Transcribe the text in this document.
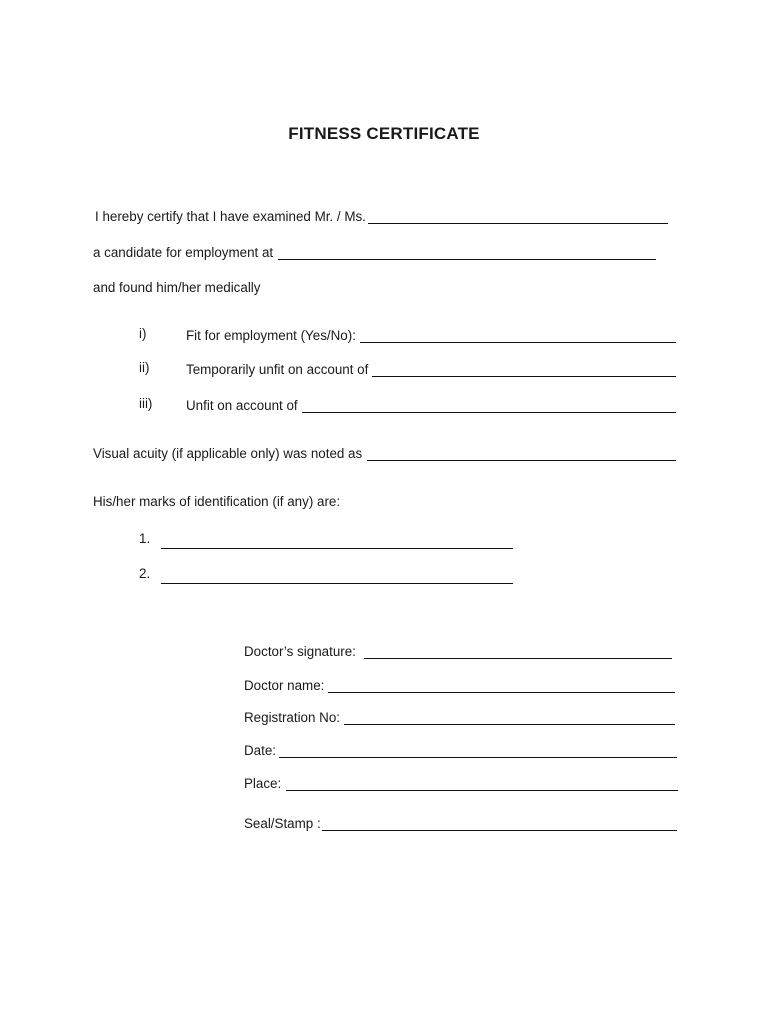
FITNESS CERTIFICATE
I hereby certify that I have examined Mr. / Ms.
a candidate for employment at
and found him/her medically
i)	Fit for employment (Yes/No):
ii)	Temporarily unfit on account of
iii)	Unfit on account of
Visual acuity (if applicable only) was noted as
His/her marks of identification (if any) are:
1.
2.
Doctor’s signature:
Doctor name:
Registration No:
Date:
Place:
Seal/Stamp :
